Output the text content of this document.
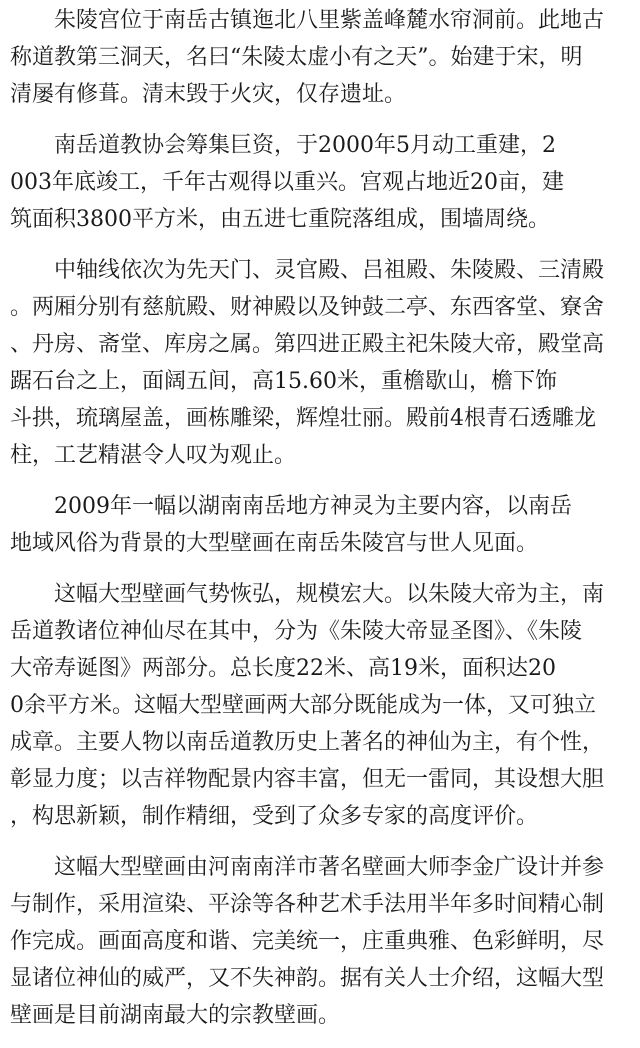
朱陵宫位于南岳古镇迤北八里紫盖峰麓水帘洞前。此地古
称道教第三洞天，名曰“朱陵太虚小有之天”。始建于宋，明
清屡有修葺。清末毁于火灾，仅存遗址。
南岳道教协会筹集巨资，于2000年5月动工重建，2
003年底竣工，千年古观得以重兴。宫观占地近20亩，建
筑面积3800平方米，由五进七重院落组成，围墙周绕。
中轴线依次为先天门、灵官殿、吕祖殿、朱陵殿、三清殿
。两厢分别有慈航殿、财神殿以及钟鼓二亭、东西客堂、寮舍
、丹房、斋堂、库房之属。第四进正殿主祀朱陵大帝，殿堂高
踞石台之上，面阔五间，高15.60米，重檐歇山，檐下饰
斗拱，琉璃屋盖，画栋雕梁，辉煌壮丽。殿前4根青石透雕龙
柱，工艺精湛令人叹为观止。
2009年一幅以湖南南岳地方神灵为主要内容，以南岳
地域风俗为背景的大型壁画在南岳朱陵宫与世人见面。
这幅大型壁画气势恢弘，规模宏大。以朱陵大帝为主，南
岳道教诸位神仙尽在其中，分为《朱陵大帝显圣图》、《朱陵
大帝寿诞图》两部分。总长度22米、高19米，面积达20
0余平方米。这幅大型壁画两大部分既能成为一体，又可独立
成章。主要人物以南岳道教历史上著名的神仙为主，有个性，
彰显力度；以吉祥物配景内容丰富，但无一雷同，其设想大胆
，构思新颖，制作精细，受到了众多专家的高度评价。
这幅大型壁画由河南南洋市著名壁画大师李金广设计并参
与制作，采用渲染、平涂等各种艺术手法用半年多时间精心制
作完成。画面高度和谐、完美统一，庄重典雅、色彩鲜明，尽
显诸位神仙的威严，又不失神韵。据有关人士介绍，这幅大型
壁画是目前湖南最大的宗教壁画。
